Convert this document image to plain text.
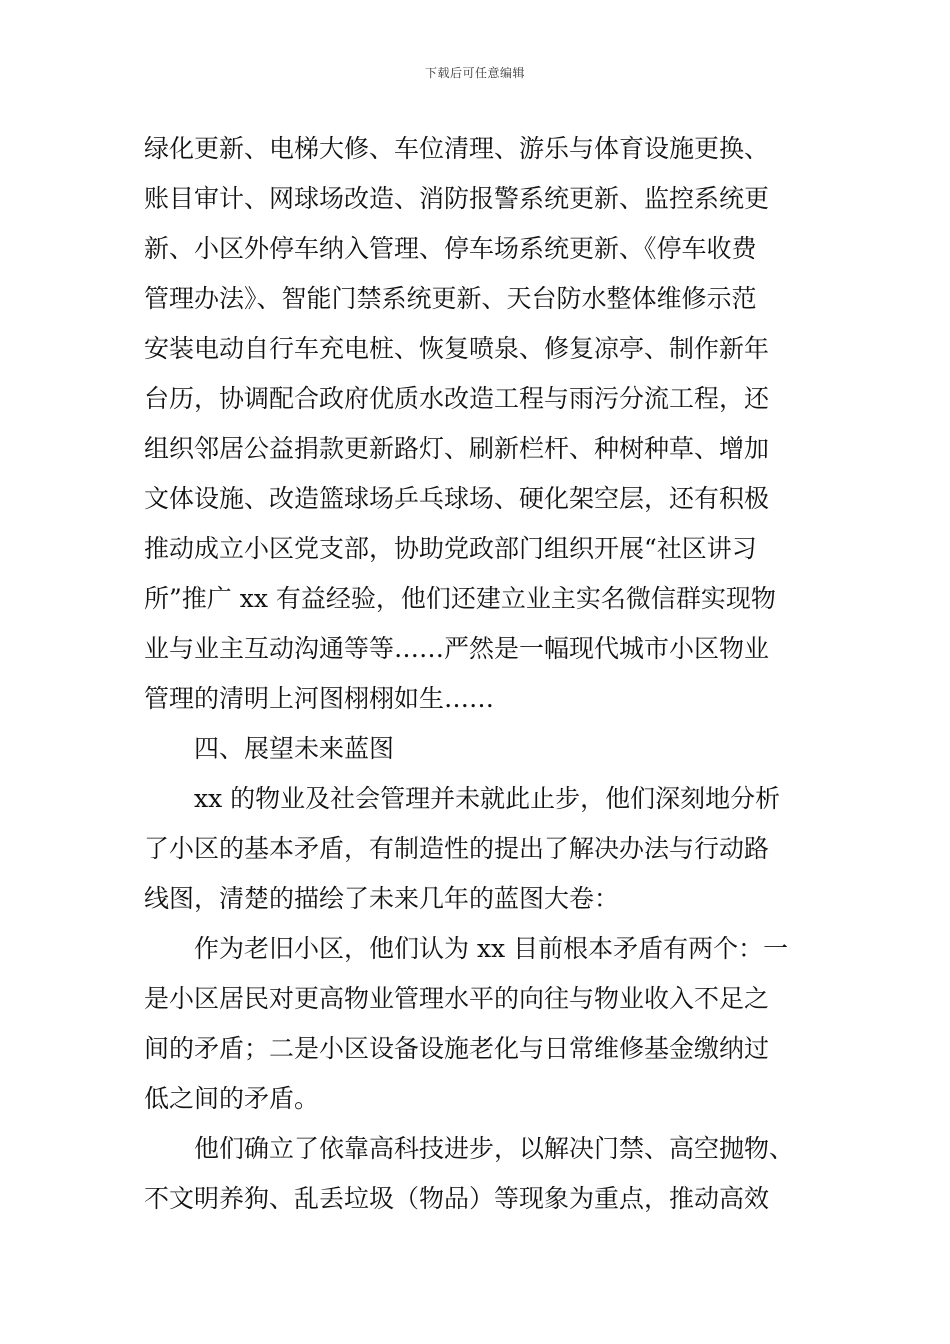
下载后可任意编辑
绿化更新、电梯大修、车位清理、游乐与体育设施更换、
账目审计、网球场改造、消防报警系统更新、监控系统更
新、小区外停车纳入管理、停车场系统更新、《停车收费
管理办法》、智能门禁系统更新、天台防水整体维修示范
安装电动自行车充电桩、恢复喷泉、修复凉亭、制作新年
台历，协调配合政府优质水改造工程与雨污分流工程，还
组织邻居公益捐款更新路灯、刷新栏杆、种树种草、增加
文体设施、改造篮球场乒乓球场、硬化架空层，还有积极
推动成立小区党支部，协助党政部门组织开展“社区讲习
所”推广 xx 有益经验，他们还建立业主实名微信群实现物
业与业主互动沟通等等……严然是一幅现代城市小区物业
管理的清明上河图栩栩如生……
四、展望未来蓝图
xx 的物业及社会管理并未就此止步，他们深刻地分析
了小区的基本矛盾，有制造性的提出了解决办法与行动路
线图，清楚的描绘了未来几年的蓝图大卷：
作为老旧小区，他们认为 xx 目前根本矛盾有两个：一
是小区居民对更高物业管理水平的向往与物业收入不足之
间的矛盾；二是小区设备设施老化与日常维修基金缴纳过
低之间的矛盾。
他们确立了依靠高科技进步，以解决门禁、高空抛物、
不文明养狗、乱丢垃圾（物品）等现象为重点，推动高效
